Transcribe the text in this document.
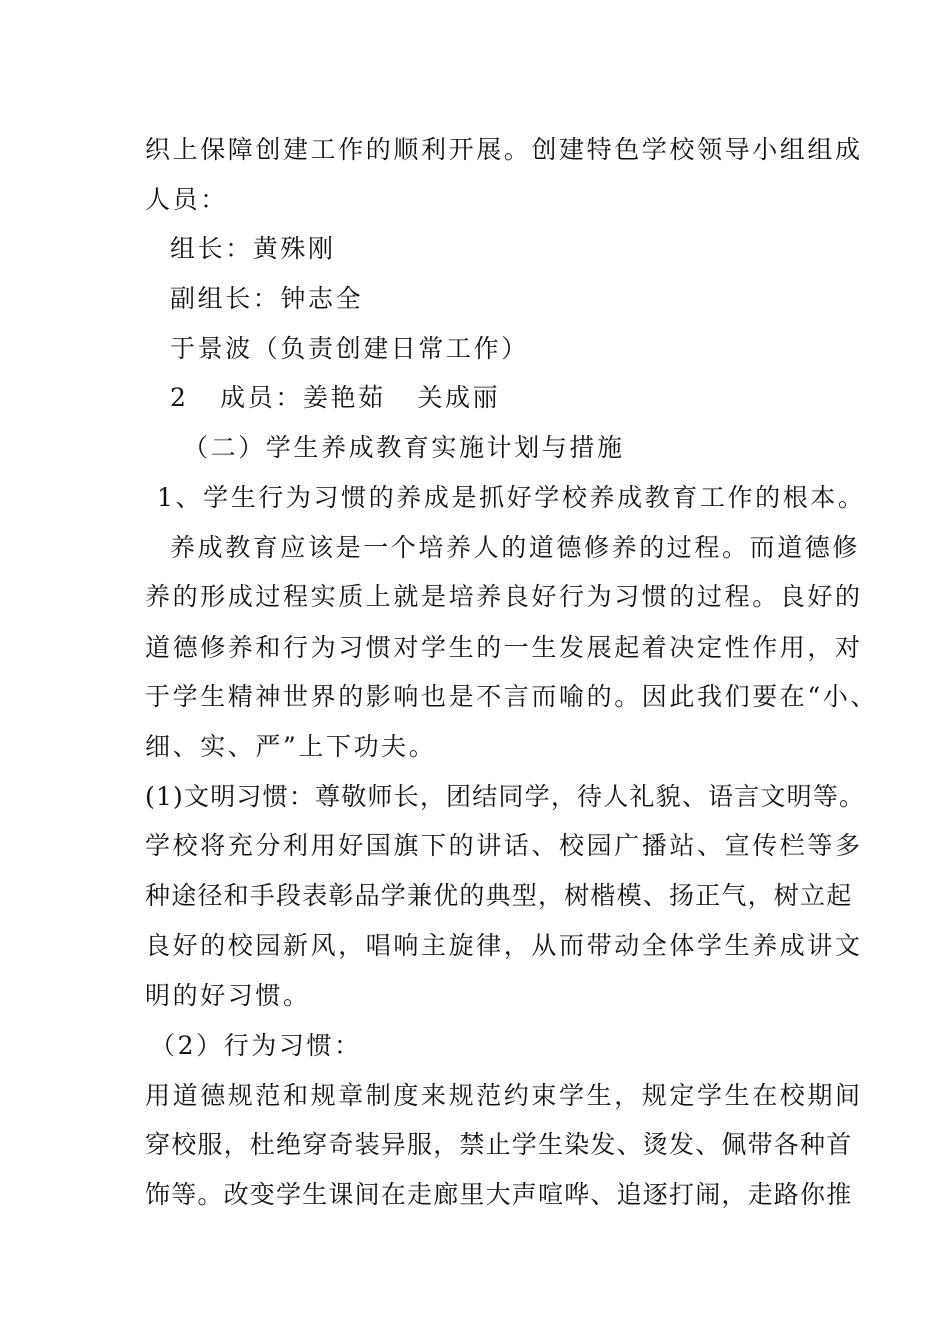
织上保障创建工作的顺利开展。创建特色学校领导小组组成
人员：
组长：黄殊刚
副组长：钟志全
于景波（负责创建日常工作）
2   成员：姜艳茹   关成丽
（二）学生养成教育实施计划与措施
1、学生行为习惯的养成是抓好学校养成教育工作的根本。
养成教育应该是一个培养人的道德修养的过程。而道德修
养的形成过程实质上就是培养良好行为习惯的过程。良好的
道德修养和行为习惯对学生的一生发展起着决定性作用，对
于学生精神世界的影响也是不言而喻的。因此我们要在“小、
细、实、严”上下功夫。
(1)文明习惯：尊敬师长，团结同学，待人礼貌、语言文明等。
学校将充分利用好国旗下的讲话、校园广播站、宣传栏等多
种途径和手段表彰品学兼优的典型，树楷模、扬正气，树立起
良好的校园新风，唱响主旋律，从而带动全体学生养成讲文
明的好习惯。
（2）行为习惯：
用道德规范和规章制度来规范约束学生，规定学生在校期间
穿校服，杜绝穿奇装异服，禁止学生染发、烫发、佩带各种首
饰等。改变学生课间在走廊里大声喧哗、追逐打闹，走路你推
